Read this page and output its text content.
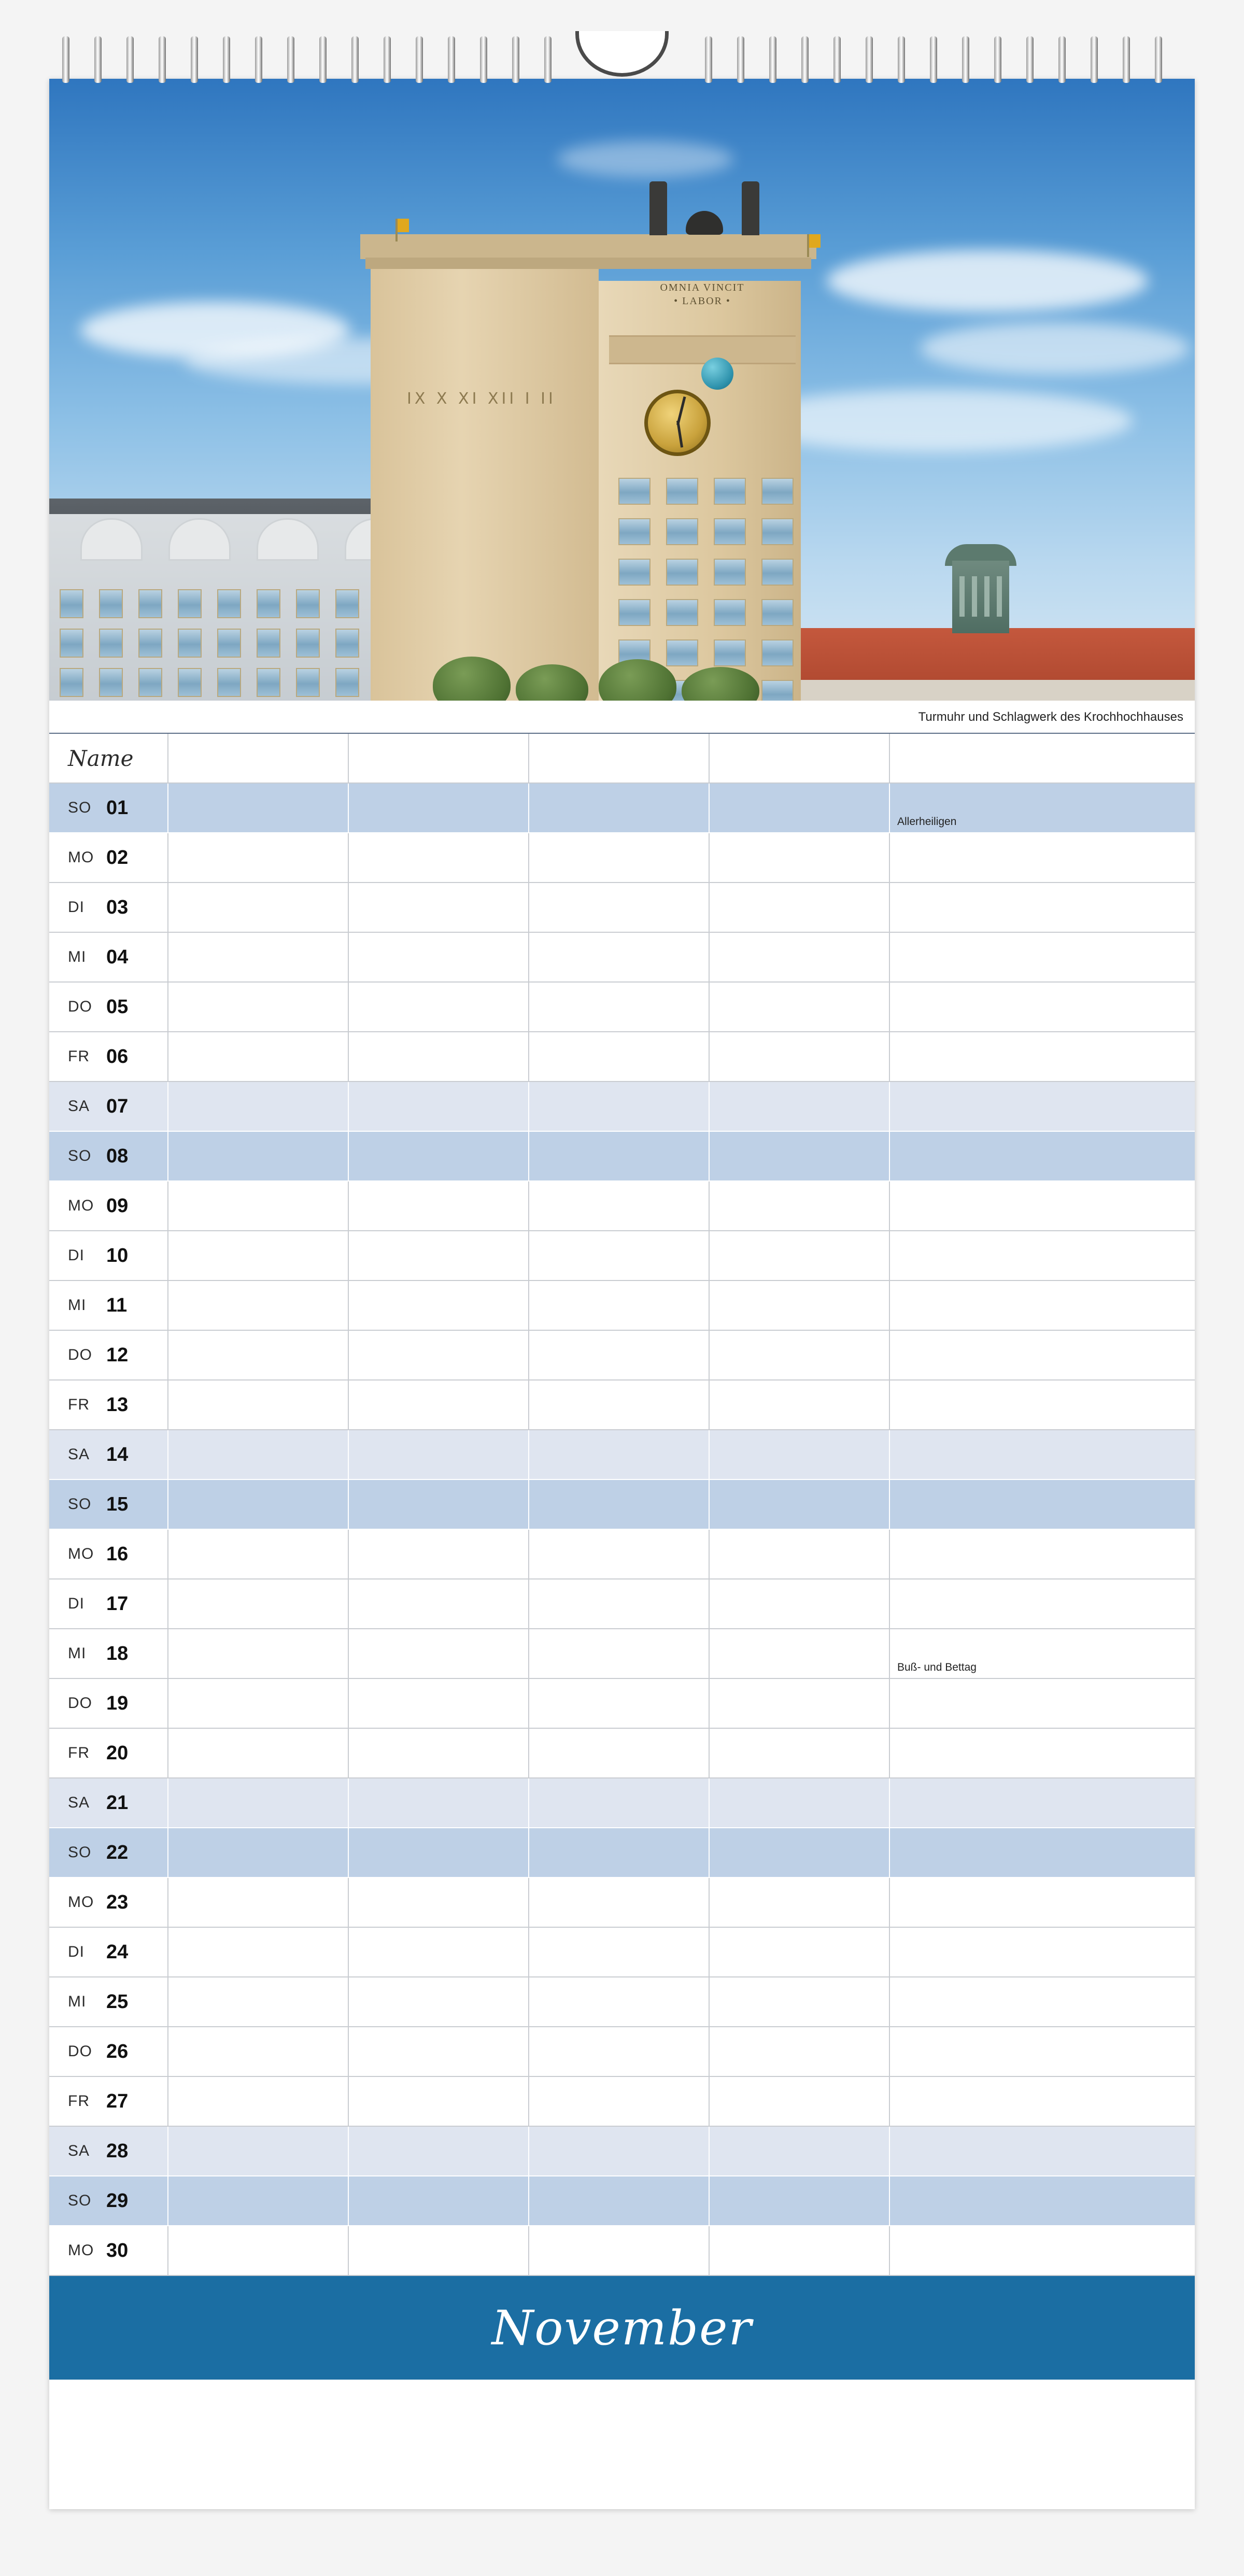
OMNIA VINCIT
• LABOR •
ΙΧ Χ ΧΙ ΧΙΙ Ι ΙΙ
Turmuhr und Schlagwerk des Krochhochhauses
Name
SO 01
Allerheiligen
MO 02
DI	03
MI	04
DO 05
FR 06
SA 07
SO 08
MO 09
DI	10
MI	11
DO 12
FR 13
SA 14
SO 15
MO 16
DI	17
MI	18
Buß- und Bettag
DO 19
FR 20
SA 21
SO 22
MO 23
DI	24
MI	25
DO 26
FR 27
SA 28
SO 29
MO 30
November
